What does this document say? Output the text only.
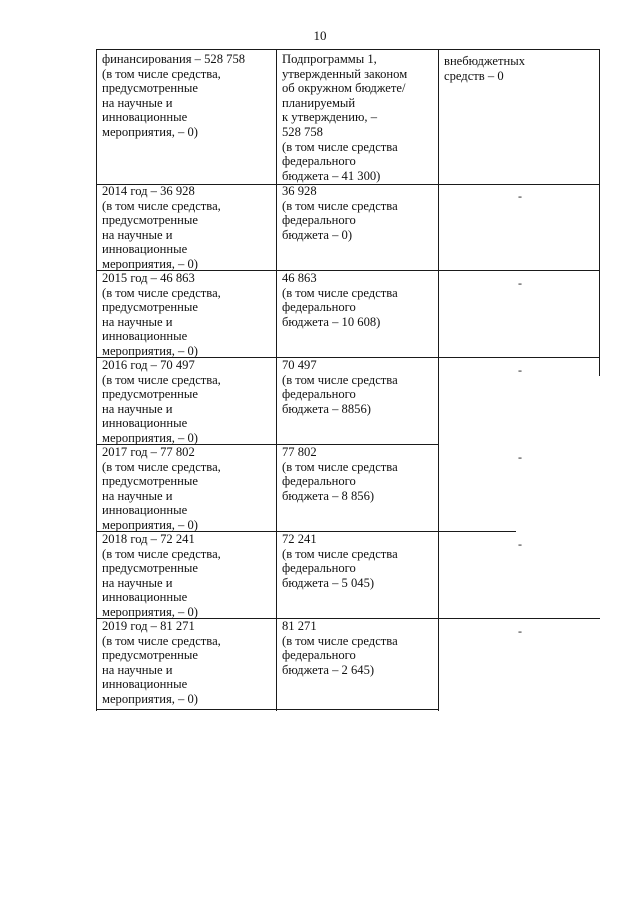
10
финансирования – 528 758
(в том числе средства,
предусмотренные
на научные и
инновационные
мероприятия, – 0)
Подпрограммы 1,
утвержденный законом
об окружном бюджете/
планируемый
к утверждению, –
528 758
(в том числе средства
федерального
бюджета – 41 300)
внебюджетных
средств – 0
2014 год – 36 928
(в том числе средства,
предусмотренные
на научные и
инновационные
мероприятия, – 0)
36 928
(в том числе средства
федерального
бюджета – 0)
-
2015 год – 46 863
(в том числе средства,
предусмотренные
на научные и
инновационные
мероприятия, – 0)
46 863
(в том числе средства
федерального
бюджета – 10 608)
-
2016 год – 70 497
(в том числе средства,
предусмотренные
на научные и
инновационные
мероприятия, – 0)
70 497
(в том числе средства
федерального
бюджета – 8856)
-
2017 год – 77 802
(в том числе средства,
предусмотренные
на научные и
инновационные
мероприятия, – 0)
77 802
(в том числе средства
федерального
бюджета – 8 856)
-
2018 год – 72 241
(в том числе средства,
предусмотренные
на научные и
инновационные
мероприятия, – 0)
72 241
(в том числе средства
федерального
бюджета – 5 045)
-
2019 год – 81 271
(в том числе средства,
предусмотренные
на научные и
инновационные
мероприятия, – 0)
81 271
(в том числе средства
федерального
бюджета – 2 645)
-
